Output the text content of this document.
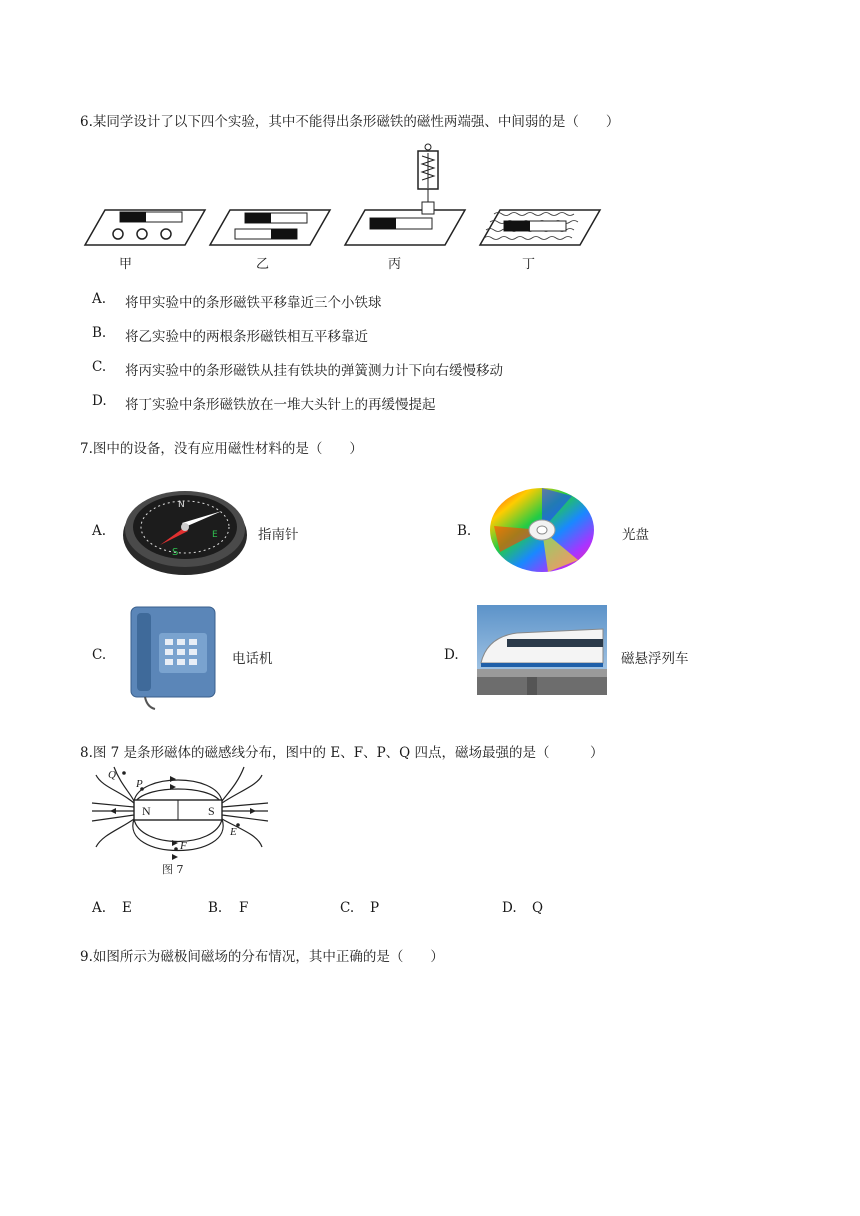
6.某同学设计了以下四个实验，其中不能得出条形磁铁的磁性两端强、中间弱的是（　　）
甲	乙	丙	丁
A. 将甲实验中的条形磁铁平移靠近三个小铁球
B. 将乙实验中的两根条形磁铁相互平移靠近
C. 将丙实验中的条形磁铁从挂有铁块的弹簧测力计下向右缓慢移动
D. 将丁实验中条形磁铁放在一堆大头针上的再缓慢提起
7.图中的设备，没有应用磁性材料的是（　　）
A.
N
S
E	指南针	B.	光盘
C.	电话机	D.	磁悬浮列车
8.图 7 是条形磁体的磁感线分布，图中的 E、F、P、Q 四点，磁场最强的是（　　　）
N	S
Q
P
E
F
图 7
A. E	B. F	C. P	D. Q
9.如图所示为磁极间磁场的分布情况，其中正确的是（　　）
